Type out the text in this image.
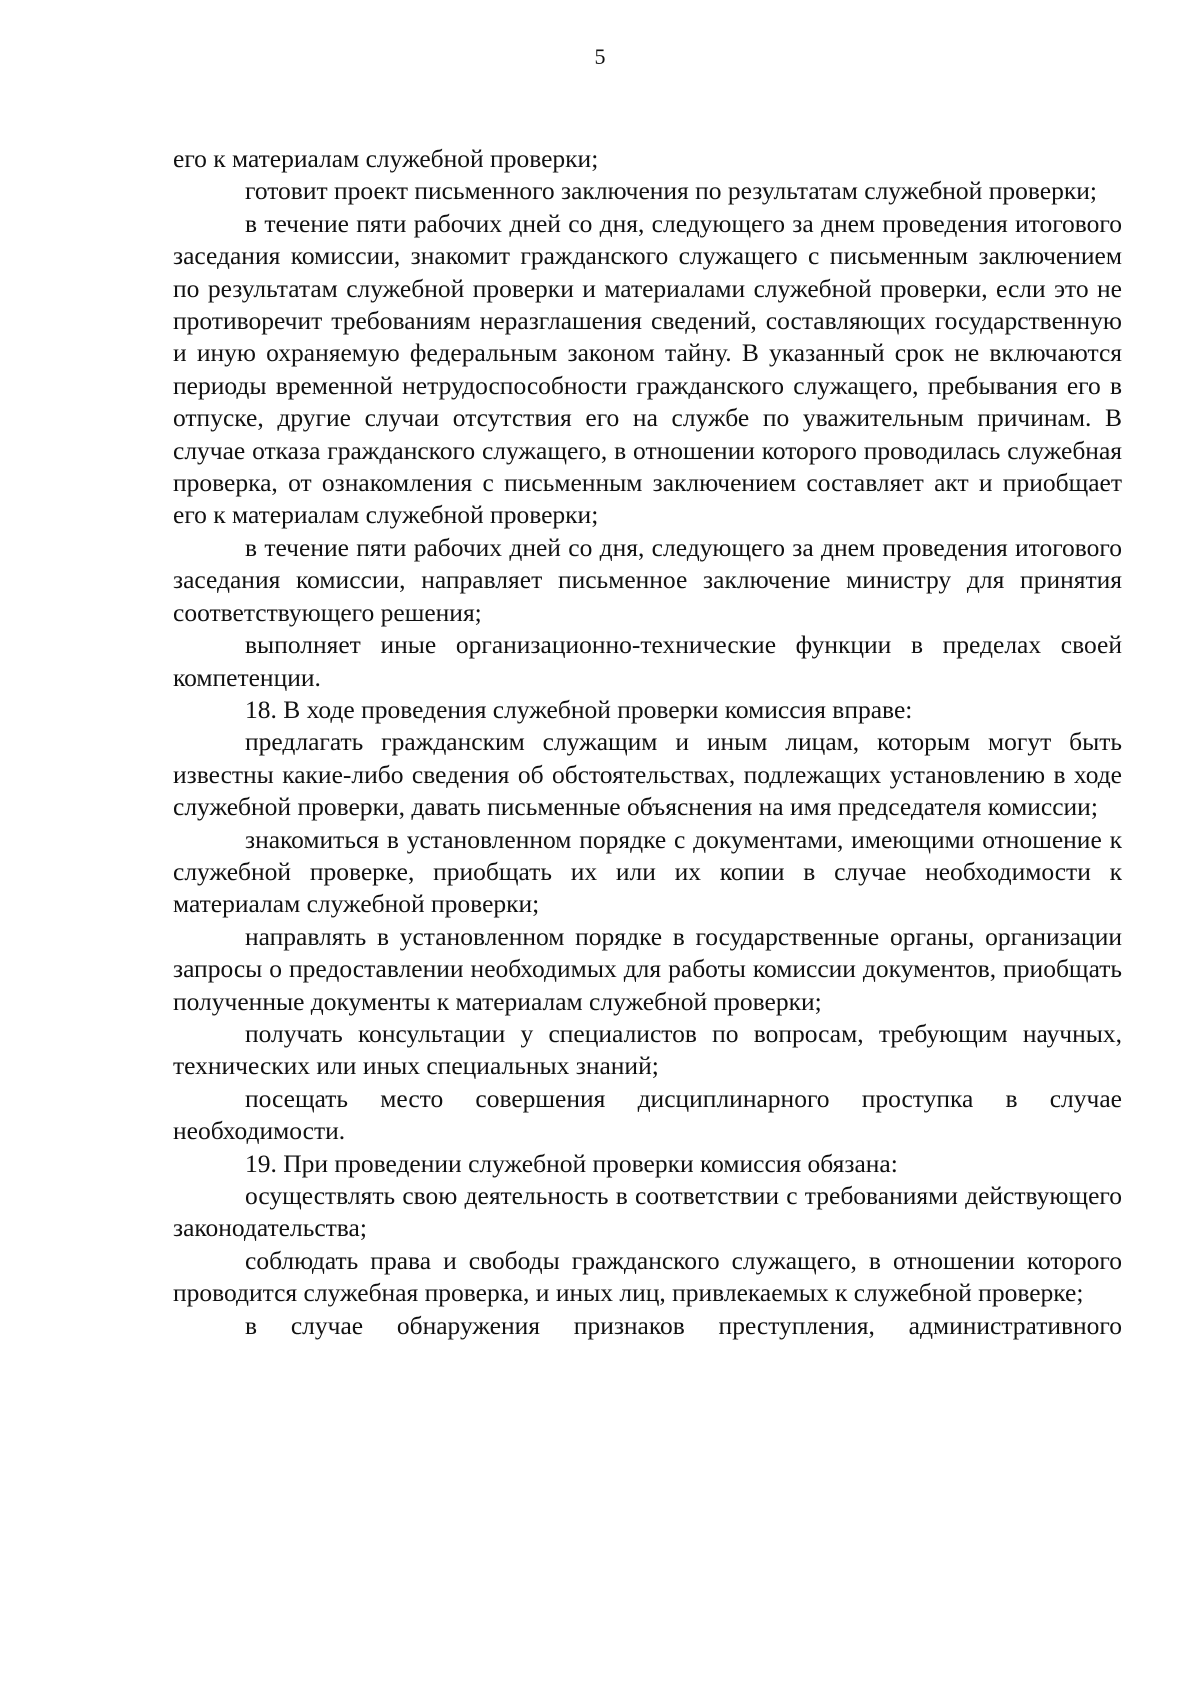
5

его к материалам служебной проверки;

готовит проект письменного заключения по результатам служебной проверки;

в течение пяти рабочих дней со дня, следующего за днем проведения итогового заседания комиссии, знакомит гражданского служащего с письменным заключением по результатам служебной проверки и материалами служебной проверки, если это не противоречит требованиям неразглашения сведений, составляющих государственную и иную охраняемую федеральным законом тайну. В указанный срок не включаются периоды временной нетрудоспособности гражданского служащего, пребывания его в отпуске, другие случаи отсутствия его на службе по уважительным причинам. В случае отказа гражданского служащего, в отношении которого проводилась служебная проверка, от ознакомления с письменным заключением составляет акт и приобщает его к материалам служебной проверки;

в течение пяти рабочих дней со дня, следующего за днем проведения итогового заседания комиссии, направляет письменное заключение министру для принятия соответствующего решения;

выполняет иные организационно-технические функции в пределах своей компетенции.

18. В ходе проведения служебной проверки комиссия вправе:

предлагать гражданским служащим и иным лицам, которым могут быть известны какие-либо сведения об обстоятельствах, подлежащих установлению в ходе служебной проверки, давать письменные объяснения на имя председателя комиссии;

знакомиться в установленном порядке с документами, имеющими отношение к служебной проверке, приобщать их или их копии в случае необходимости к материалам служебной проверки;

направлять в установленном порядке в государственные органы, организации запросы о предоставлении необходимых для работы комиссии документов, приобщать полученные документы к материалам служебной проверки;

получать консультации у специалистов по вопросам, требующим научных, технических или иных специальных знаний;

посещать место совершения дисциплинарного проступка в случае необходимости.

19. При проведении служебной проверки комиссия обязана:

осуществлять свою деятельность в соответствии с требованиями действующего законодательства;

соблюдать права и свободы гражданского служащего, в отношении которого проводится служебная проверка, и иных лиц, привлекаемых к служебной проверке;

в случае обнаружения признаков преступления, административного
